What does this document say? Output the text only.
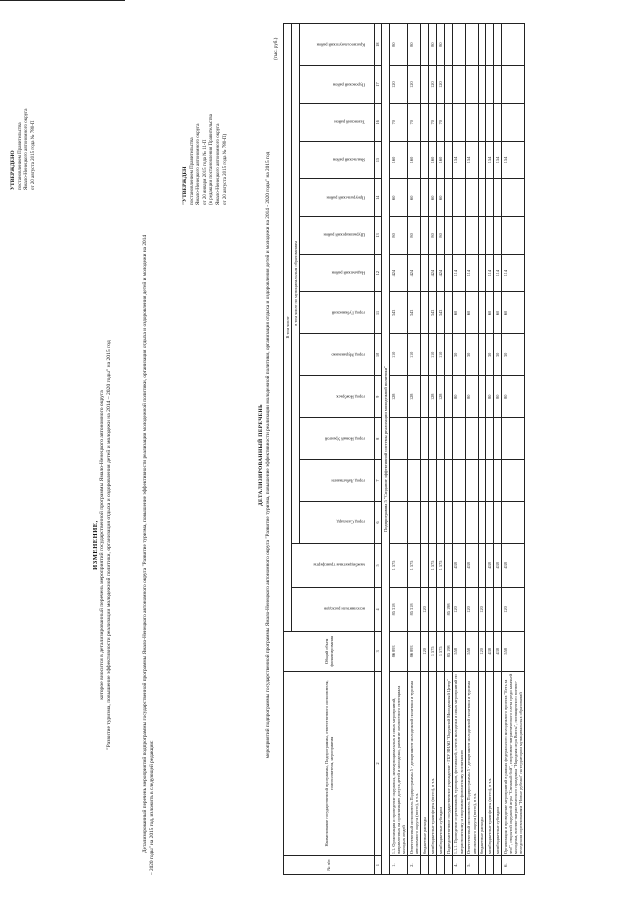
УТВЕРЖДЕНО постановлением Правительства Ямало-Ненецкого автономного округа от 20 августа 2015 года № 780-П
ИЗМЕНЕНИЕ, которое вносится в детализированный перечень мероприятий государственной программы Ямало-Ненецкого автономного округа "Развитие туризма, повышение эффективности реализации молодежной политики, организация отдыха и оздоровления детей и молодежи на 2014 – 2020 годы" на 2015 год	Детализированный перечень мероприятий подпрограммы государственной программы Ямало-Ненецкого автономного округа "Развитие туризма, повышение эффективности реализации молодежной политики, организация отдыха и оздоровления детей и молодежи на 2014 – 2020 годы" на 2015 год, изложить в следующей редакции:
"УТВЕРЖДЕН постановлением Правительства Ямало-Ненецкого автономного округа от 20 января 2015 года № 11-П (в редакции постановления Правительства Ямало-Ненецкого автономного округа от 20 августа 2015 года № 780-П)
ДЕТАЛИЗИРОВАННЫЙ ПЕРЕЧЕНЬ мероприятий подпрограммы государственной программы Ямало-Ненецкого автономного округа "Развитие туризма, повышение эффективности реализации молодежной политики, организация отдыха и оздоровления детей и молодежи на 2014 - 2020 годы" на 2015 год
(тыс. руб.)
№ п/п	Наименование государственной программы, Подпрограммы, ответственного исполнителя, соисполнителя, мероприятия	Общий объем финансирования	В том числе														

			исполнители расходов	межбюджетные трансферты	в том числе по муниципальным образованиям												

					город Салехард	город Лабытнанги	город Новый Уренгой	город Ноябрьск	город Муравленко	город Губкинский	Надымский район	Шурышкарский район	Приуральский район	Ямальский район	Тазовский район	Пуровский район	Красноселькупский район

1	2	3	4	5	6	7	8	9	10	11	12	13	14	15	16	17	18
Подпрограмма 5 "Создание эффективной системы реализации молодежной политики"																	
1.	1.1. Организация и проведение окружных, межмуниципальных и иных мероприятий, направленных на организацию досуга детей и молодежи, развитие личностного потенциала молодых людей	86 893	85 318	1 575				128	110	343	424	80	60	160	70	120	80
2.	Ответственный исполнитель Подпрограммы 5 - департамент молодежной политики и туризма автономного округа (всего), в т.ч.	86 893	85 318	1 575				128	110	343	424	80	60	160	70	120	80
	бюджетные расходы	120	120														
	межбюджетные трансферты (всего), в т.ч.	1 575		1 575				128	110	343	424	80	60	160	70	120	80
	межбюджетные субсидии	1 575		1 575				128	110	343	424	80	60	160	70	120	80
	Подведомственное государственное учреждение - ГБУ ЯНАО "Окружной Молодежный Центр"	85 198	85 198														
4.	1.1.1. Проведение соревнований, турниров, фестивалей, слетов молодежи и иных мероприятий по патриотическому и спортивно-физическому воспитанию	558	120	438				80	30	60	114			154			
5.	Ответственный исполнитель Подпрограммы 5 - департамент молодежной политики и туризма автономного округа (всего), в т.ч.	558	120	438				80	30	60	114			154			
	бюджетные расходы	120	120														
	межбюджетные трансферты (всего), в т.ч.	438		438				80	30	60	114			154			
	межбюджетные субсидии	438		438				80	30	60	114			154			
6.	Организация и проведение мероприятий в рамках федерального молодежного проекта "Есть за что!", открытой окружной игры "Снежный бой", спортивно-патриотического слета среди казачьей молодежи, военно-патриотического праздника "Народная игра Виссы", посвященного военно-пеледским соревнованиям "Новые рубежи" на территории муниципальных образований	558	120	438				80	30	60	114			154			
